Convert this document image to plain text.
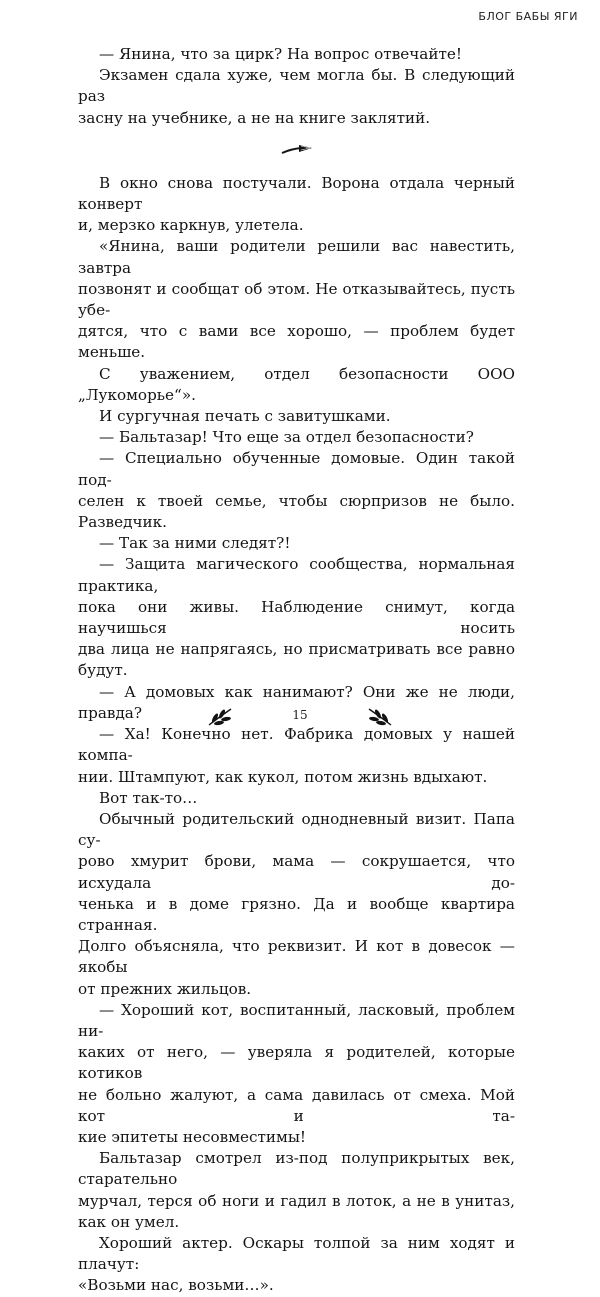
БЛОГ БАБЫ ЯГИ

— Янина, что за цирк? На вопрос отвечайте!

Экзамен сдала хуже, чем могла бы. В следующий раз

засну на учебнике, а не на книге заклятий.

В окно снова постучали. Ворона отдала черный конверт

и, мерзко каркнув, улетела.

«Янина, ваши родители решили вас навестить, завтра

позвонят и сообщат об этом. Не отказывайтесь, пусть убе-

дятся, что с вами все хорошо, — проблем будет меньше.

С уважением, отдел безопасности ООО „Лукоморье“».

И сургучная печать с завитушками.

— Бальтазар! Что еще за отдел безопасности?

— Специально обученные домовые. Один такой под-

селен к твоей семье, чтобы сюрпризов не было. Разведчик.

— Так за ними следят?!

— Защита магического сообщества, нормальная практика,

пока они живы. Наблюдение снимут, когда научишься носить

два лица не напрягаясь, но присматривать все равно будут.

— А домовых как нанимают? Они же не люди, правда?

— Ха! Конечно нет. Фабрика домовых у нашей компа-

нии. Штампуют, как кукол, потом жизнь вдыхают.

Вот так-то…

Обычный родительский однодневный визит. Папа су-

рово хмурит брови, мама — сокрушается, что исхудала до-

ченька и в доме грязно. Да и вообще квартира странная.

Долго объясняла, что реквизит. И кот в довесок — якобы

от прежних жильцов.

— Хороший кот, воспитанный, ласковый, проблем ни-

каких от него, — уверяла я родителей, которые котиков

не больно жалуют, а сама давилась от смеха. Мой кот и та-

кие эпитеты несовместимы!

Бальтазар смотрел из-под полуприкрытых век, старательно

мурчал, терся об ноги и гадил в лоток, а не в унитаз, как он умел.

Хороший актер. Оскары толпой за ним ходят и плачут:

«Возьми нас, возьми…».

15
